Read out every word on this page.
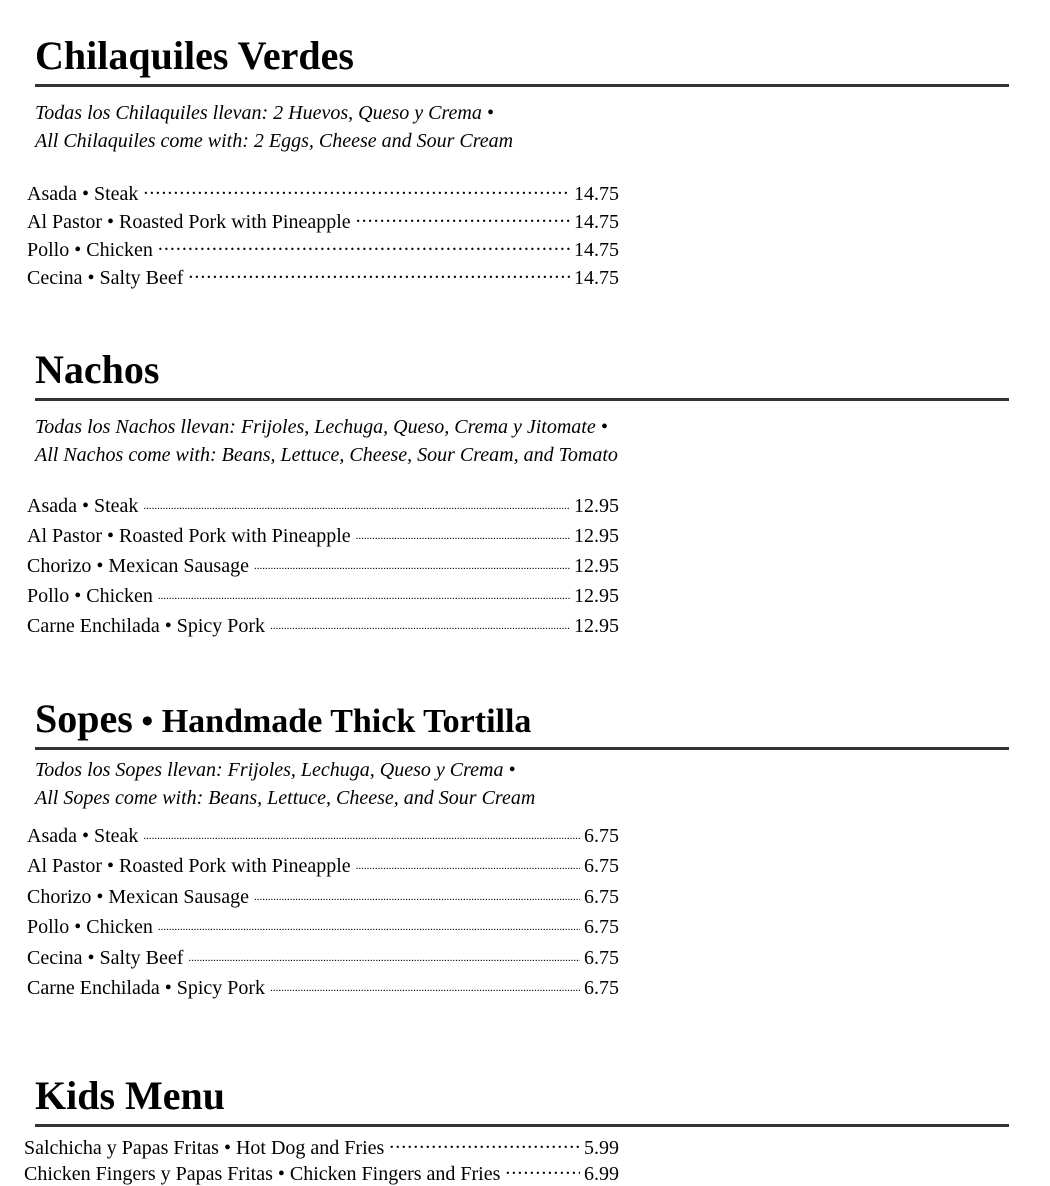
Chilaquiles Verdes
Todas los Chilaquiles llevan: 2 Huevos, Queso y Crema •
All Chilaquiles come with: 2 Eggs, Cheese and Sour Cream
Asada • Steak .....	14.75
Al Pastor • Roasted Pork with Pineapple .....	14.75
Pollo • Chicken .....	14.75
Cecina • Salty Beef .....	14.75
Nachos
Todas los Nachos llevan: Frijoles, Lechuga, Queso, Crema y Jitomate •
All Nachos come with: Beans, Lettuce, Cheese, Sour Cream, and Tomato
Asada • Steak .....	12.95
Al Pastor • Roasted Pork with Pineapple .....	12.95
Chorizo • Mexican Sausage .....	12.95
Pollo • Chicken .....	12.95
Carne Enchilada • Spicy Pork .....	12.95
Sopes • Handmade Thick Tortilla
Todos los Sopes llevan: Frijoles, Lechuga, Queso y Crema •
All Sopes come with: Beans, Lettuce, Cheese, and Sour Cream
Asada • Steak .....	6.75
Al Pastor • Roasted Pork with Pineapple .....	6.75
Chorizo • Mexican Sausage .....	6.75
Pollo • Chicken .....	6.75
Cecina • Salty Beef .....	6.75
Carne Enchilada • Spicy Pork .....	6.75
Kids Menu
Salchicha y Papas Fritas • Hot Dog and Fries .....	5.99
Chicken Fingers y Papas Fritas • Chicken Fingers and Fries .....	6.99
